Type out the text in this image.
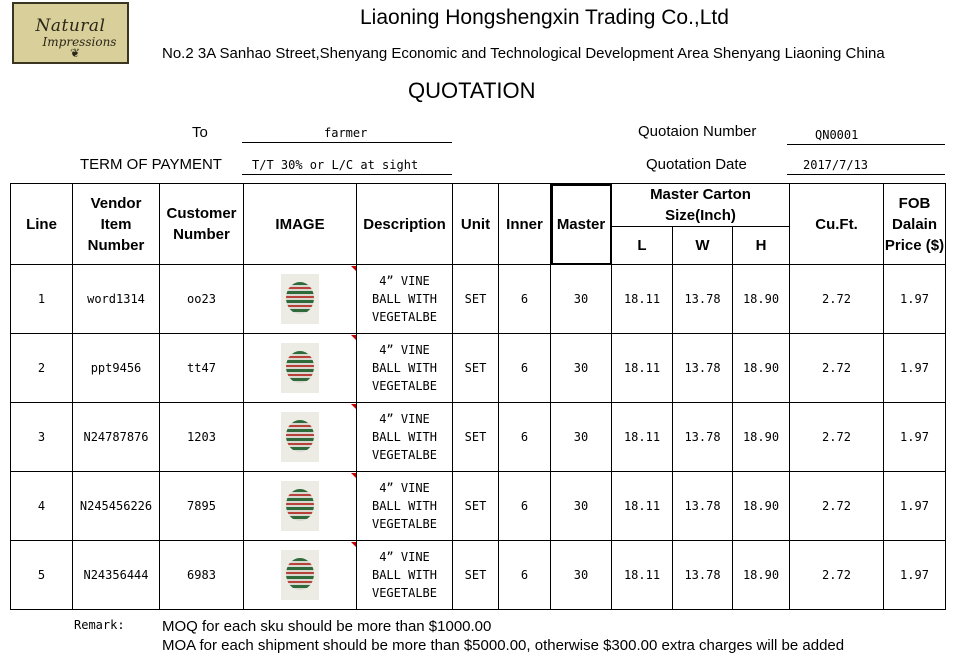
Natural
Impressions
❦
Liaoning Hongshengxin Trading Co.,Ltd
No.2 3A Sanhao Street,Shenyang Economic and Technological Development Area Shenyang Liaoning China
QUOTATION
To	farmer
TERM OF PAYMENT	T/T 30% or L/C at sight
Quotaion Number	QN0001
Quotation Date	2017/7/13
Line	Vendor Item Number	Customer Number	IMAGE	Description	Unit	Inner	Master	Master Carton Size(Inch)			Cu.Ft.	FOB Dalain Price ($)
								L	W	H		
1	word1314	oo23		4” VINE
BALL WITH
VEGETALBE	SET	6	30	18.11	13.78	18.90	2.72	1.97
2	ppt9456	tt47		4” VINE
BALL WITH
VEGETALBE	SET	6	30	18.11	13.78	18.90	2.72	1.97
3	N24787876	1203		4” VINE
BALL WITH
VEGETALBE	SET	6	30	18.11	13.78	18.90	2.72	1.97
4	N245456226	7895		4” VINE
BALL WITH
VEGETALBE	SET	6	30	18.11	13.78	18.90	2.72	1.97
5	N24356444	6983		4” VINE
BALL WITH
VEGETALBE	SET	6	30	18.11	13.78	18.90	2.72	1.97
Remark: MOQ for each sku should be more than $1000.00
MOA for each shipment should be more than $5000.00, otherwise $300.00 extra charges will be added
